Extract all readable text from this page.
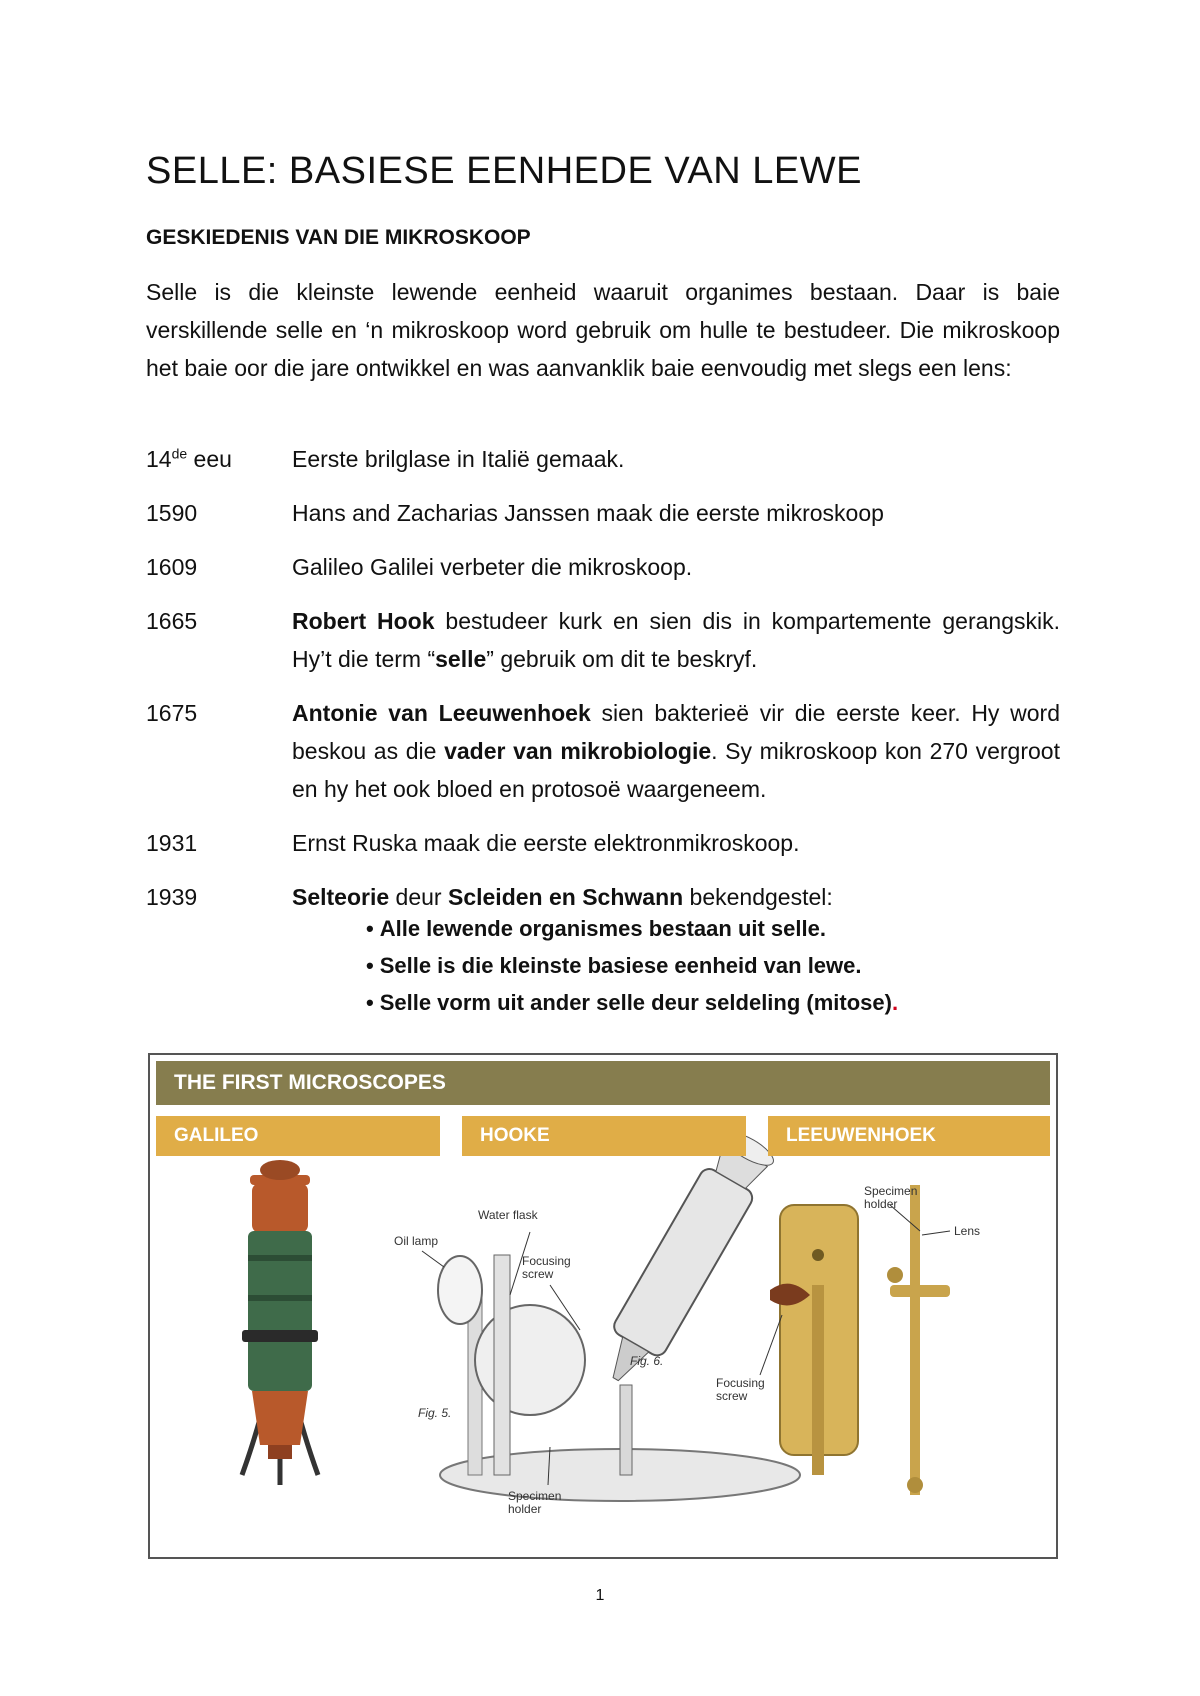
SELLE: BASIESE EENHEDE VAN LEWE
GESKIEDENIS VAN DIE MIKROSKOOP

Selle is die kleinste lewende eenheid waaruit organimes bestaan. Daar is baie verskillende selle en ‘n mikroskoop word gebruik om hulle te bestudeer. Die mikroskoop het baie oor die jare ontwikkel en was aanvanklik baie eenvoudig met slegs een lens:

14de eeu	Eerste brilglase in Italië gemaak.
1590	Hans and Zacharias Janssen maak die eerste mikroskoop
1609	Galileo Galilei verbeter die mikroskoop.
1665	Robert Hook bestudeer kurk en sien dis in kompartemente gerangskik. Hy’t die term “selle” gebruik om dit te beskryf.
1675	Antonie van Leeuwenhoek sien bakterieë vir die eerste keer. Hy word beskou as die vader van mikrobiologie. Sy mikroskoop kon 270 vergroot en hy het ook bloed en protosoë waargeneem.
1931	Ernst Ruska maak die eerste elektronmikroskoop.
1939	Selteorie deur Scleiden en Schwann bekendgestel:
• Alle lewende organismes bestaan uit selle.
• Selle is die kleinste basiese eenheid van lewe.
• Selle vorm uit ander selle deur seldeling (mitose).
Oil lamp
Water flask
Focusing
screw
Specimen
holder
Fig. 5.
Fig. 6.
Specimen
holder
Lens
Focusing
screw
THE FIRST MICROSCOPES
GALILEO	HOOKE	LEEUWENHOEK
1
